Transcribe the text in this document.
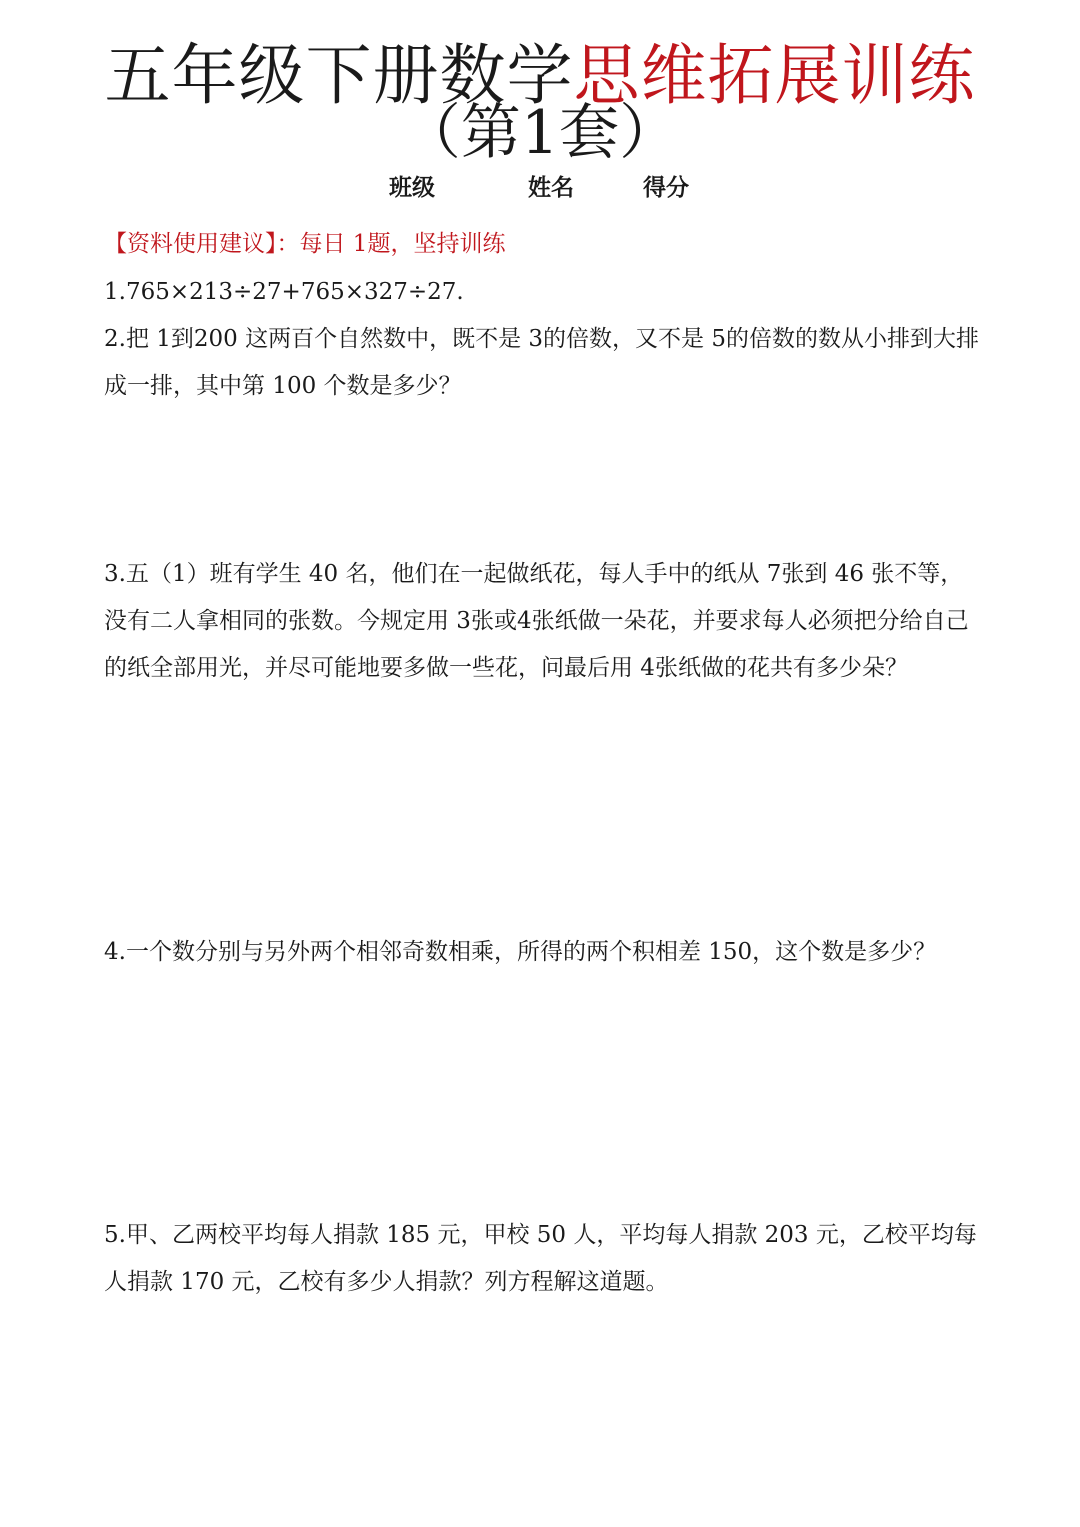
五年级下册数学思维拓展训练
（第1套）
班级	姓名	得分
【资料使用建议】：每日 1题，坚持训练
1.765×213÷27+765×327÷27.
2.把 1到200 这两百个自然数中，既不是 3的倍数，又不是 5的倍数的数从小排到大排成一排，其中第 100 个数是多少？
3.五（1）班有学生 40 名，他们在一起做纸花，每人手中的纸从 7张到 46 张不等，没有二人拿相同的张数。今规定用 3张或4张纸做一朵花，并要求每人必须把分给自己的纸全部用光，并尽可能地要多做一些花，问最后用 4张纸做的花共有多少朵？
4.一个数分别与另外两个相邻奇数相乘，所得的两个积相差 150，这个数是多少？
5.甲、乙两校平均每人捐款 185 元，甲校 50 人，平均每人捐款 203 元，乙校平均每人捐款 170 元，乙校有多少人捐款？列方程解这道题。
